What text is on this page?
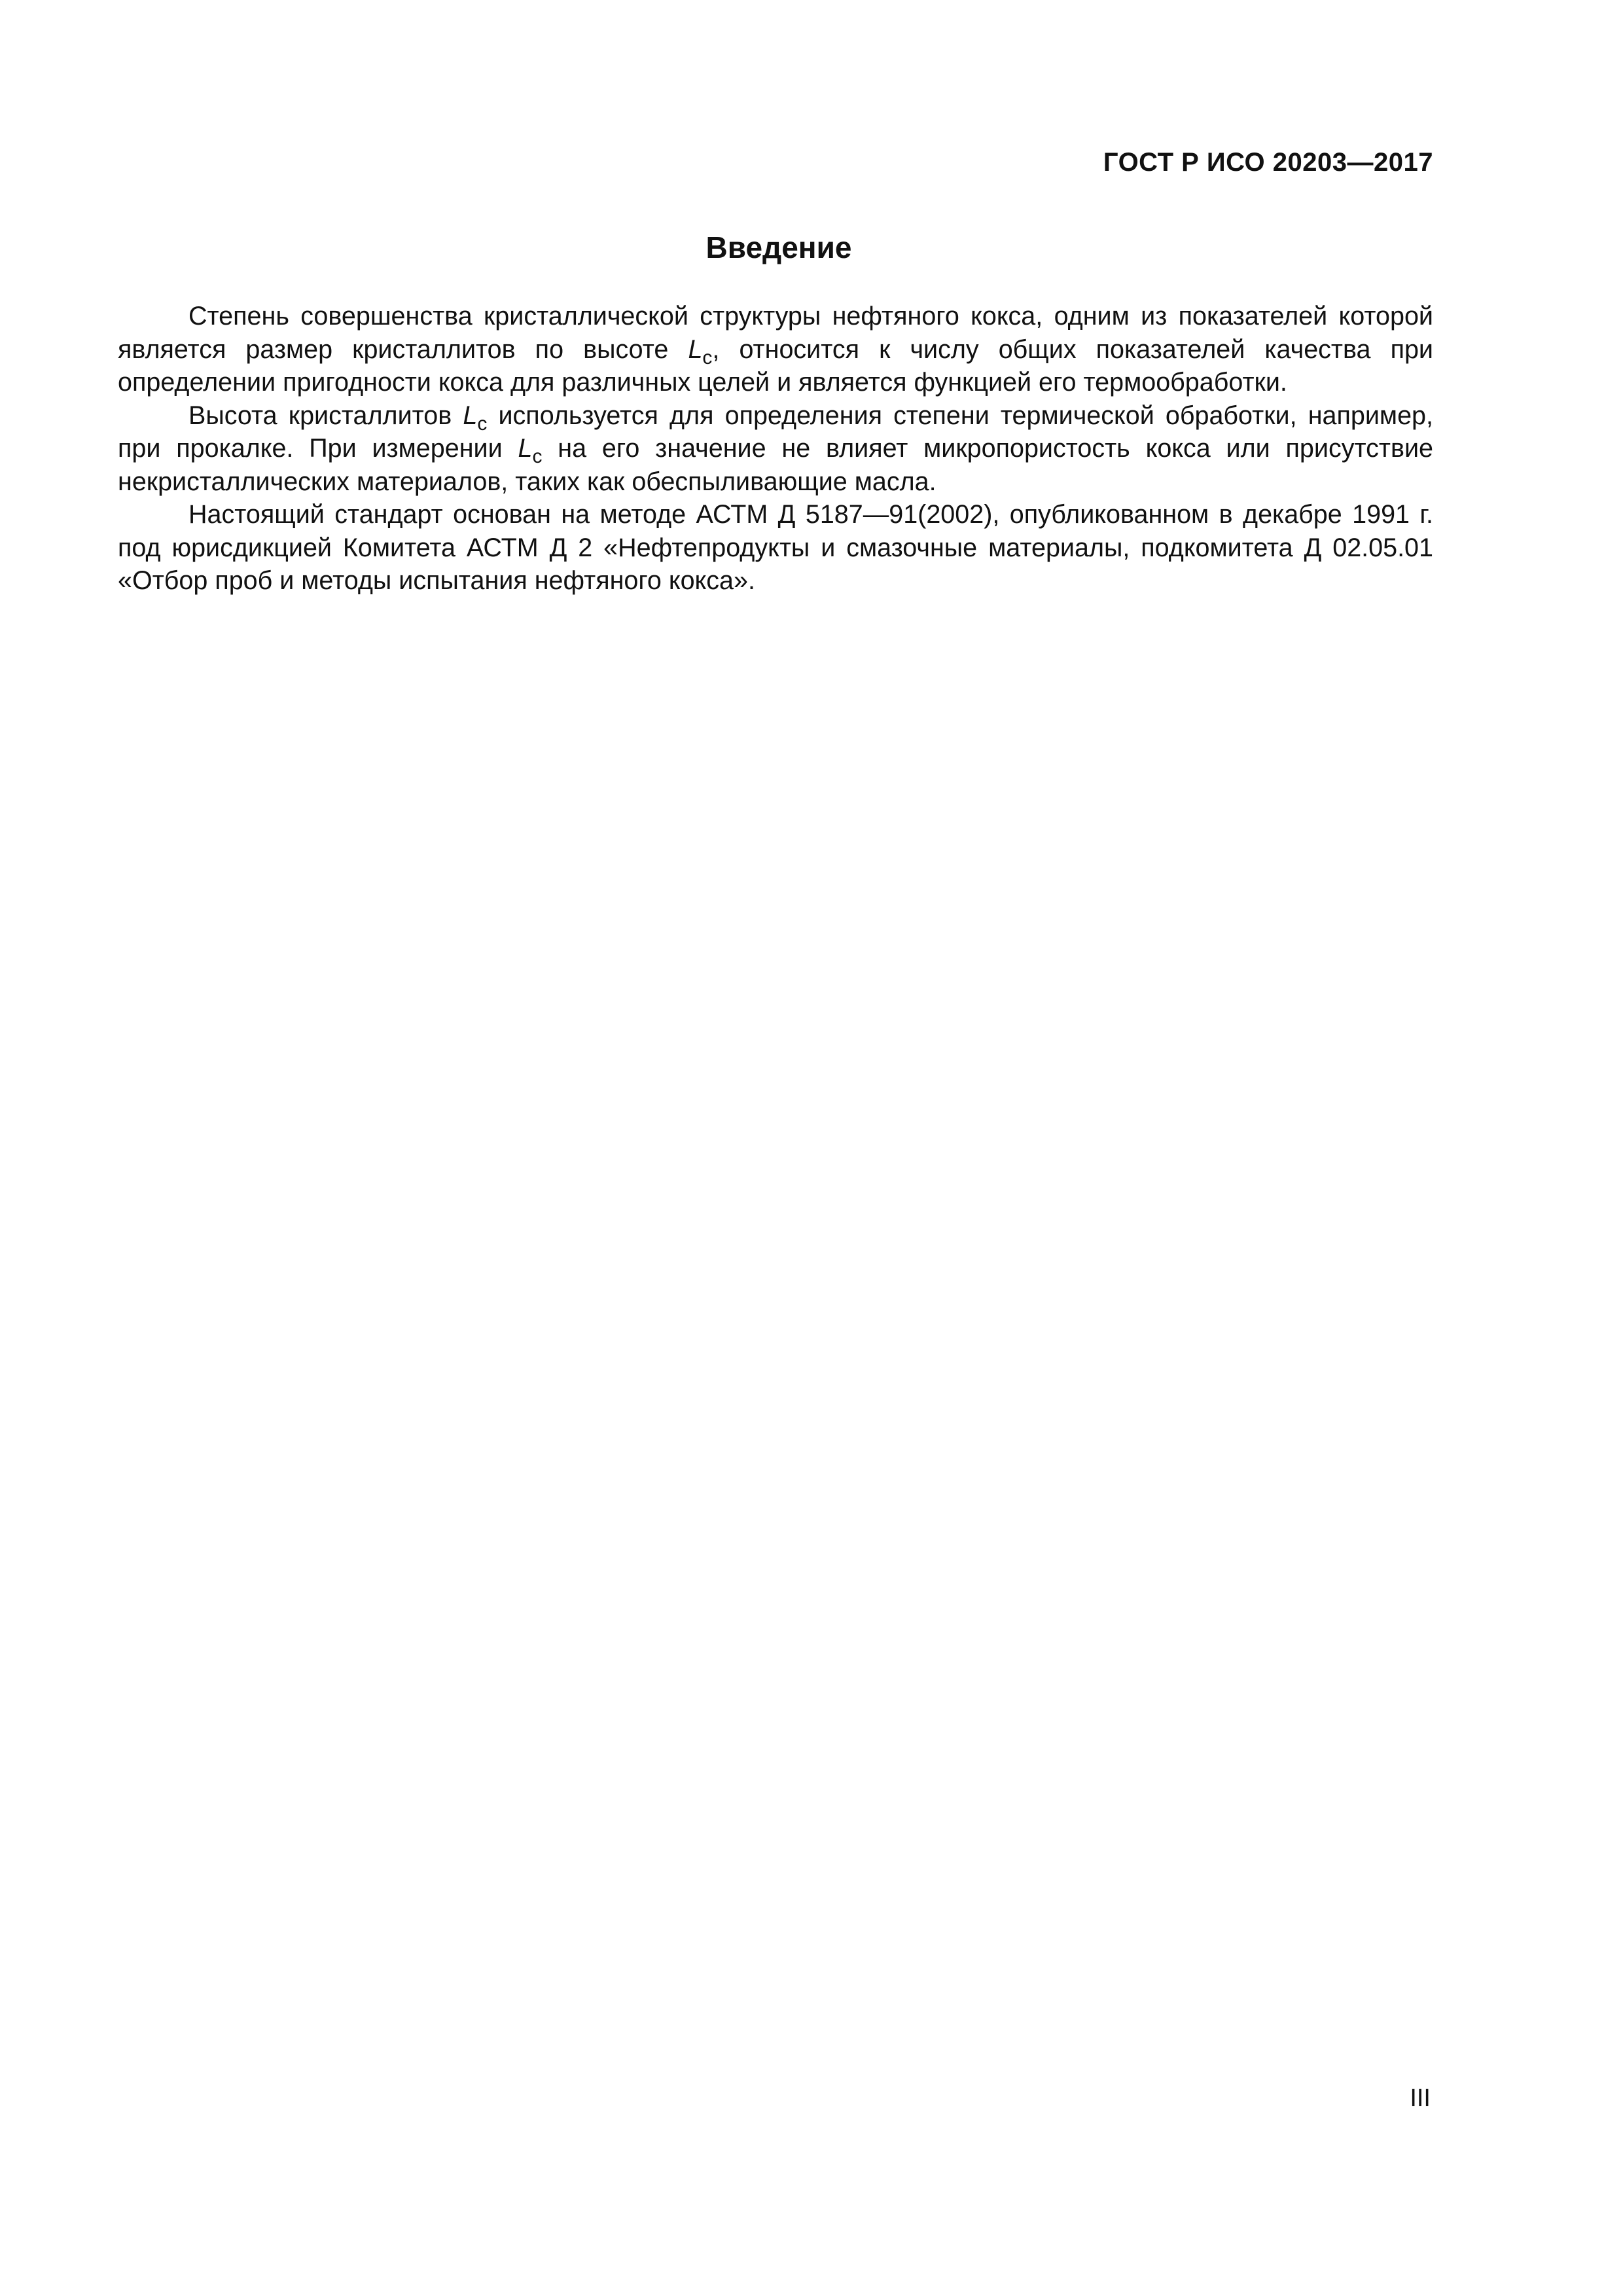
ГОСТ Р ИСО 20203—2017
Введение

Степень совершенства кристаллической структуры нефтяного кокса, одним из показателей которой является размер кристаллитов по высоте $L_c$, относится к числу общих показателей качества при определении пригодности кокса для различных целей и является функцией его термообработки.

Высота кристаллитов $L_c$ используется для определения степени термической обработки, например, при прокалке. При измерении $L_c$ на его значение не влияет микропористость кокса или присутствие некристаллических материалов, таких как обеспыливающие масла.

Настоящий стандарт основан на методе АСТМ Д 5187—91(2002), опубликованном в декабре 1991 г. под юрисдикцией Комитета АСТМ Д 2 «Нефтепродукты и смазочные материалы, подкомитета Д 02.05.01 «Отбор проб и методы испытания нефтяного кокса».

III
